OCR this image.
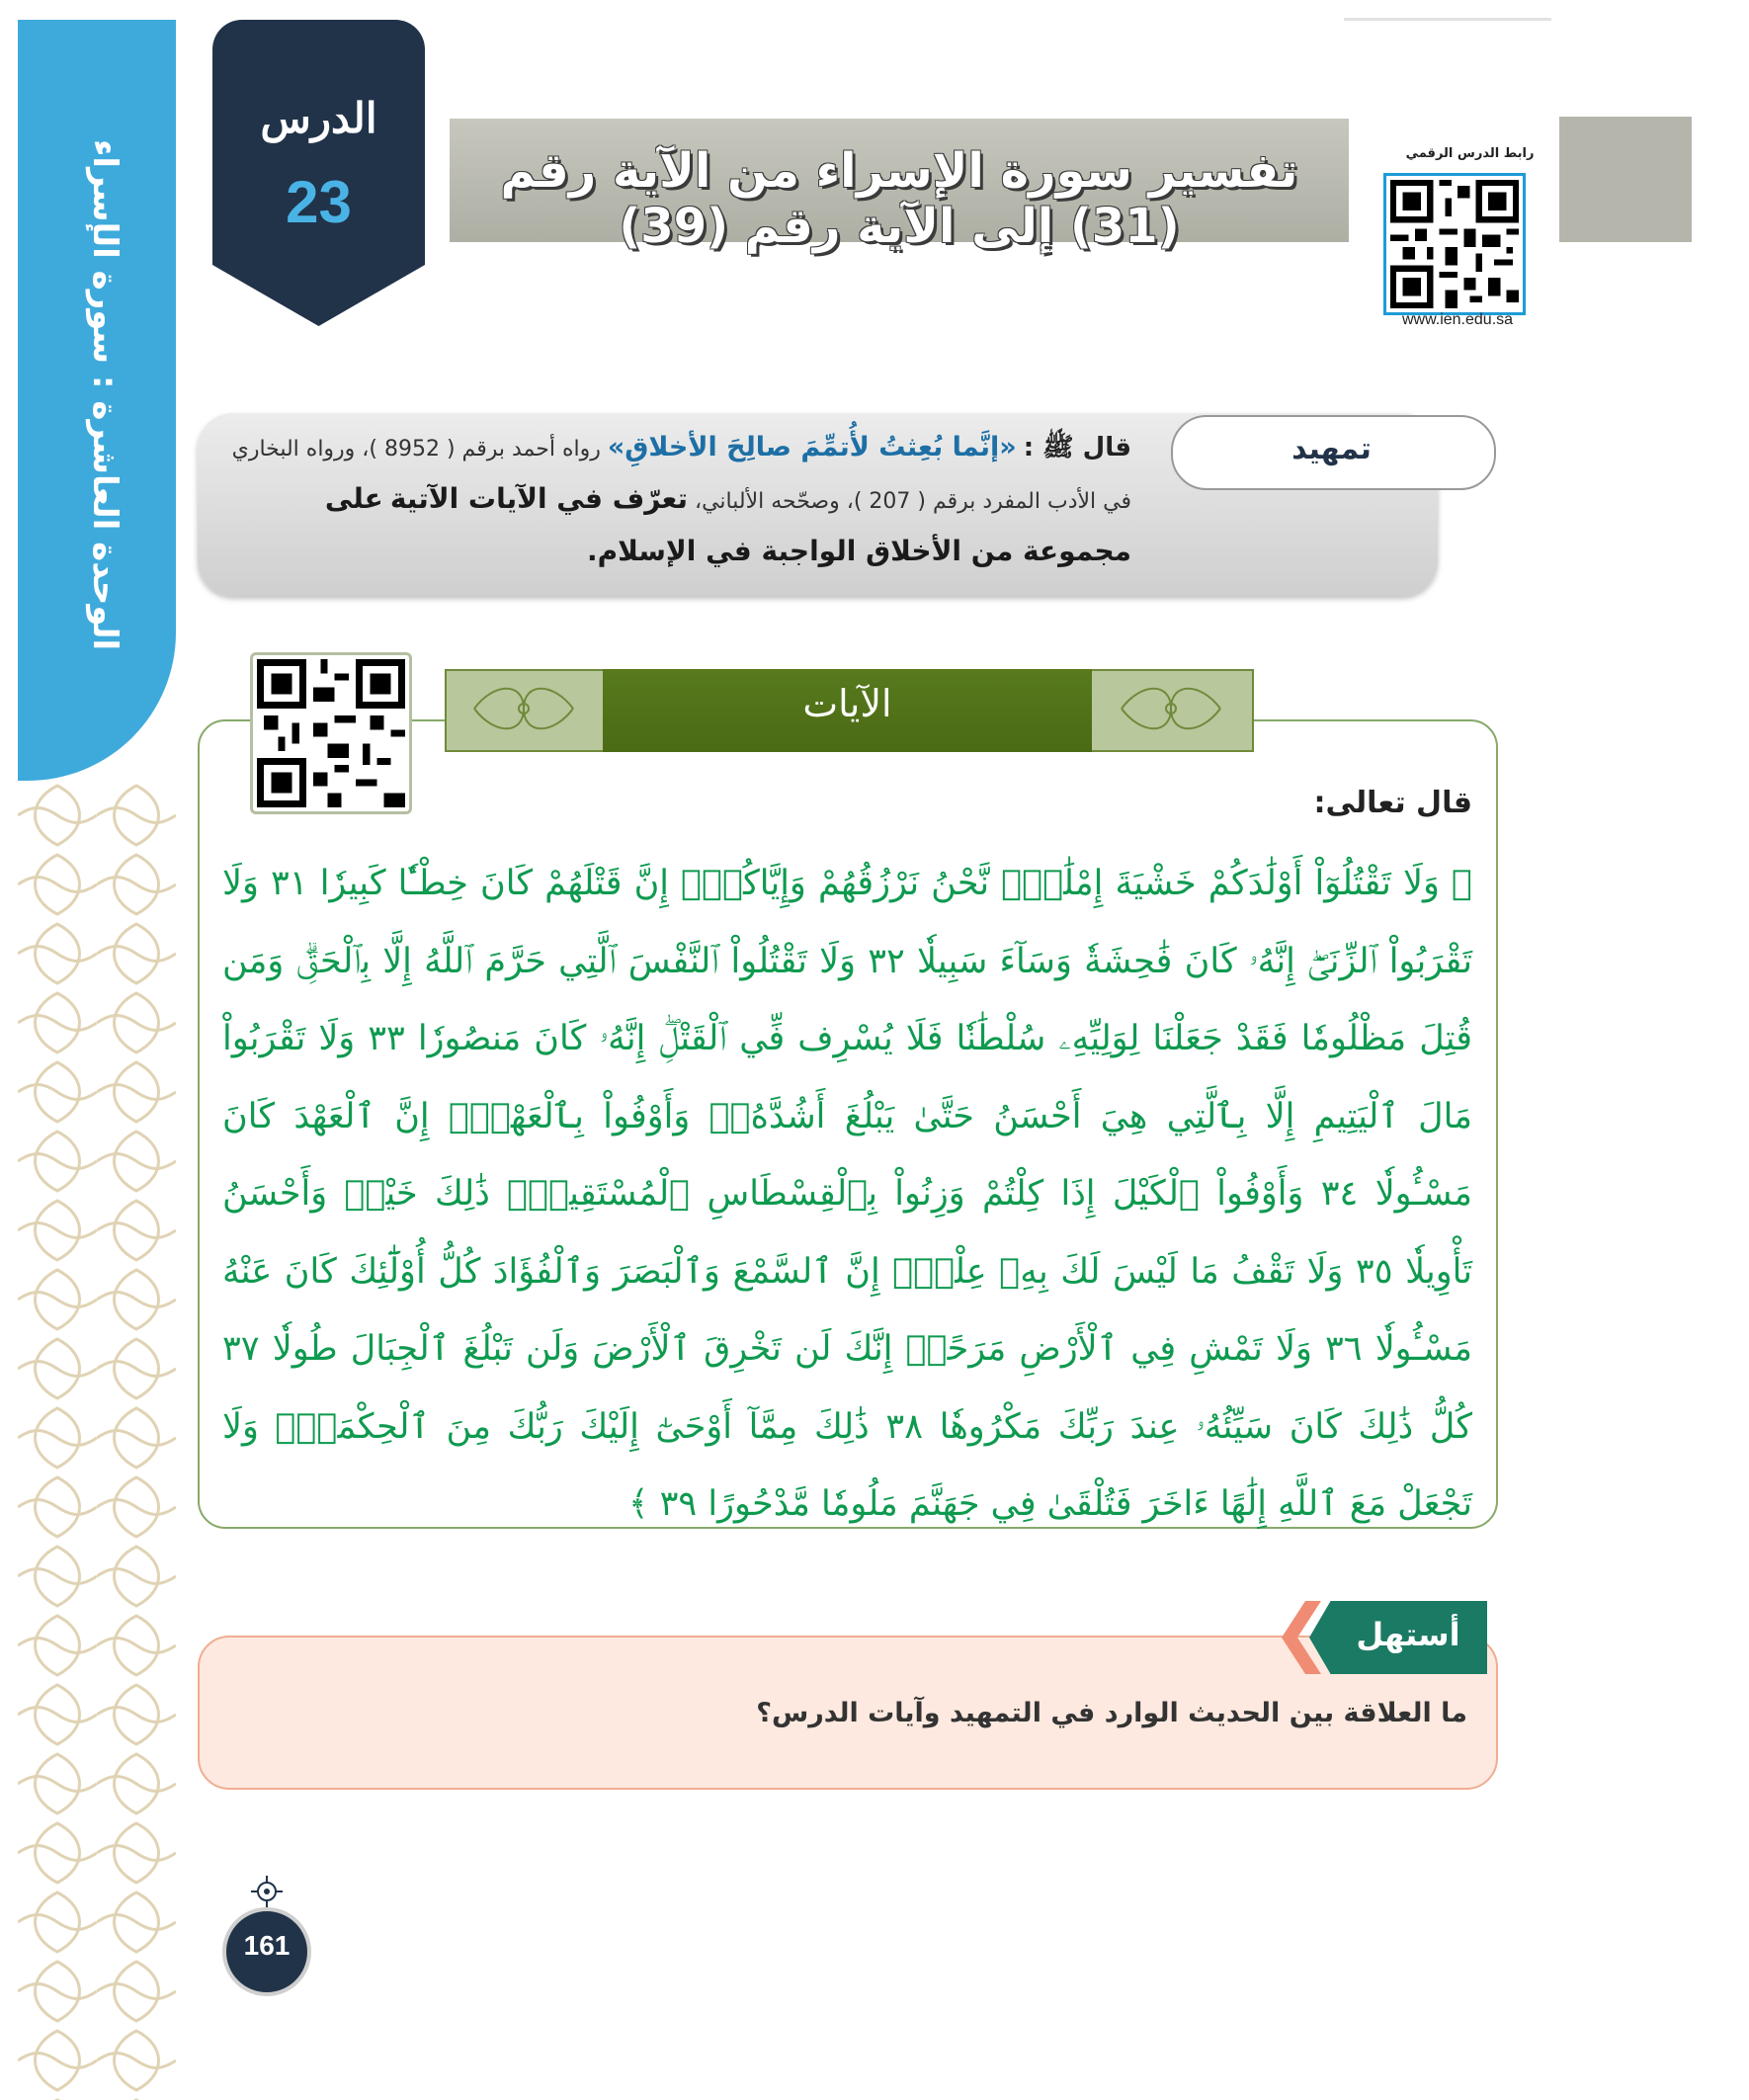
الوحدة العاشرة : سورة الإسراء
الدرس
23	تفسير سورة الإسراء من الآية رقم (31) إلى الآية رقم (39)
رابط الدرس الرقمي
www.ien.edu.sa
تمهيد
قال ﷺ : «إنَّما بُعِثتُ لأُتمِّمَ صالِحَ الأخلاقِ» رواه أحمد برقم ( 8952 )، ورواه البخاري في الأدب المفرد برقم ( 207 )، وصحّحه الألباني، تعرّف في الآيات الآتية على مجموعة من الأخلاق الواجبة في الإسلام.
الآيات
قال تعالى:
﴿ وَلَا تَقْتُلُوٓاْ أَوْلَٰدَكُمْ خَشْيَةَ إِمْلَٰقٍۖ نَّحْنُ نَرْزُقُهُمْ وَإِيَّاكُمْۚ إِنَّ قَتْلَهُمْ كَانَ خِطْـٔٗا كَبِيرٗا ٣١ وَلَا تَقْرَبُواْ ٱلزِّنَىٰٓۖ إِنَّهُۥ كَانَ فَٰحِشَةٗ وَسَآءَ سَبِيلٗا ٣٢ وَلَا تَقْتُلُواْ ٱلنَّفْسَ ٱلَّتِي حَرَّمَ ٱللَّهُ إِلَّا بِٱلْحَقِّۗ وَمَن قُتِلَ مَظْلُومٗا فَقَدْ جَعَلْنَا لِوَلِيِّهِۦ سُلْطَٰنٗا فَلَا يُسْرِف فِّي ٱلْقَتْلِۖ إِنَّهُۥ كَانَ مَنصُورٗا ٣٣ وَلَا تَقْرَبُواْ مَالَ ٱلْيَتِيمِ إِلَّا بِٱلَّتِي هِيَ أَحْسَنُ حَتَّىٰ يَبْلُغَ أَشُدَّهُۥۚ وَأَوْفُواْ بِٱلْعَهْدِۖ إِنَّ ٱلْعَهْدَ كَانَ مَسْـُٔولٗا ٣٤ وَأَوْفُواْ ٱلْكَيْلَ إِذَا كِلْتُمْ وَزِنُواْ بِٱلْقِسْطَاسِ ٱلْمُسْتَقِيمِۚ ذَٰلِكَ خَيْرٞ وَأَحْسَنُ تَأْوِيلٗا ٣٥ وَلَا تَقْفُ مَا لَيْسَ لَكَ بِهِۦ عِلْمٌۚ إِنَّ ٱلسَّمْعَ وَٱلْبَصَرَ وَٱلْفُؤَادَ كُلُّ أُوْلَٰٓئِكَ كَانَ عَنْهُ مَسْـُٔولٗا ٣٦ وَلَا تَمْشِ فِي ٱلْأَرْضِ مَرَحًاۖ إِنَّكَ لَن تَخْرِقَ ٱلْأَرْضَ وَلَن تَبْلُغَ ٱلْجِبَالَ طُولٗا ٣٧ كُلُّ ذَٰلِكَ كَانَ سَيِّئُهُۥ عِندَ رَبِّكَ مَكْرُوهٗا ٣٨ ذَٰلِكَ مِمَّآ أَوْحَىٰٓ إِلَيْكَ رَبُّكَ مِنَ ٱلْحِكْمَةِۗ وَلَا تَجْعَلْ مَعَ ٱللَّهِ إِلَٰهًا ءَاخَرَ فَتُلْقَىٰ فِي جَهَنَّمَ مَلُومٗا مَّدْحُورًا ٣٩ ﴾
أستهل
ما العلاقة بين الحديث الوارد في التمهيد وآيات الدرس؟
161
